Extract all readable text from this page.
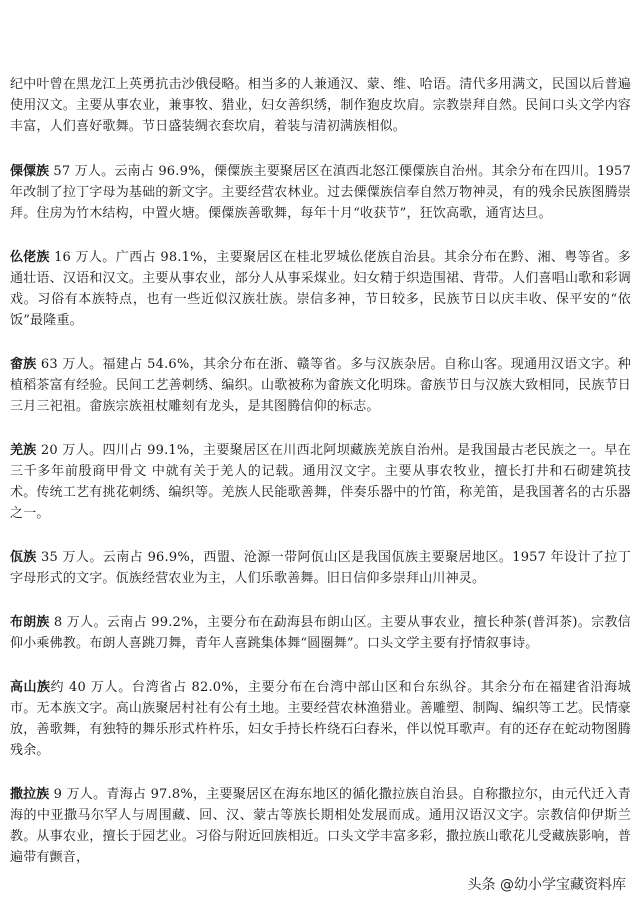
纪中叶曾在黑龙江上英勇抗击沙俄侵略。相当多的人兼通汉、蒙、维、哈语。清代多用满文，民国以后普遍使用汉文。主要从事农业，兼事牧、猎业，妇女善织绣，制作狍皮坎肩。宗教崇拜自然。民间口头文学内容丰富，人们喜好歌舞。节日盛装绸衣套坎肩，着装与清初满族相似。

傈僳族 57 万人。云南占 96.9%，傈僳族主要聚居区在滇西北怒江傈僳族自治州。其余分布在四川。1957 年改制了拉丁字母为基础的新文字。主要经营农林业。过去傈僳族信奉自然万物神灵，有的残余民族图腾崇拜。住房为竹木结构，中置火塘。傈僳族善歌舞，每年十月“收获节”，狂饮高歌，通宵达旦。

仫佬族 16 万人。广西占 98.1%，主要聚居区在桂北罗城仫佬族自治县。其余分布在黔、湘、粤等省。多通壮语、汉语和汉文。主要从事农业，部分人从事采煤业。妇女精于织造围裙、背带。人们喜唱山歌和彩调戏。习俗有本族特点，也有一些近似汉族壮族。崇信多神，节日较多，民族节日以庆丰收、保平安的“依饭”最隆重。

畲族 63 万人。福建占 54.6%，其余分布在浙、赣等省。多与汉族杂居。自称山客。现通用汉语文字。种植稻茶富有经验。民间工艺善刺绣、编织。山歌被称为畲族文化明珠。畲族节日与汉族大致相同，民族节日三月三祀祖。畲族宗族祖杖雕刻有龙头，是其图腾信仰的标志。

羌族 20 万人。四川占 99.1%，主要聚居区在川西北阿坝藏族羌族自治州。是我国最古老民族之一。早在三千多年前殷商甲骨文 中就有关于羌人的记载。通用汉文字。主要从事农牧业，擅长打井和石砌建筑技术。传统工艺有挑花刺绣、编织等。羌族人民能歌善舞，伴奏乐器中的竹笛，称羌笛，是我国著名的古乐器之一。

佤族 35 万人。云南占 96.9%，西盟、沧源一带阿佤山区是我国佤族主要聚居地区。1957 年设计了拉丁字母形式的文字。佤族经营农业为主，人们乐歌善舞。旧日信仰多崇拜山川神灵。

布朗族 8 万人。云南占 99.2%，主要分布在勐海县布朗山区。主要从事农业，擅长种茶(普洱茶)。宗教信仰小乘佛教。布朗人喜跳刀舞，青年人喜跳集体舞“圆圈舞”。口头文学主要有抒情叙事诗。

高山族约 40 万人。台湾省占 82.0%，主要分布在台湾中部山区和台东纵谷。其余分布在福建省沿海城市。无本族文字。高山族聚居村社有公有土地。主要经营农林渔猎业。善雕塑、制陶、编织等工艺。民情豪放，善歌舞，有独特的舞乐形式杵杵乐，妇女手持长杵绕石臼舂米，伴以悦耳歌声。有的还存在蛇动物图腾残余。

撒拉族 9 万人。青海占 97.8%，主要聚居区在海东地区的循化撒拉族自治县。自称撒拉尔，由元代迁入青海的中亚撒马尔罕人与周围藏、回、汉、蒙古等族长期相处发展而成。通用汉语汉文字。宗教信仰伊斯兰教。从事农业，擅长于园艺业。习俗与附近回族相近。口头文学丰富多彩，撒拉族山歌花儿受藏族影响，普遍带有颤音，

头条 @幼小学宝藏资料库
